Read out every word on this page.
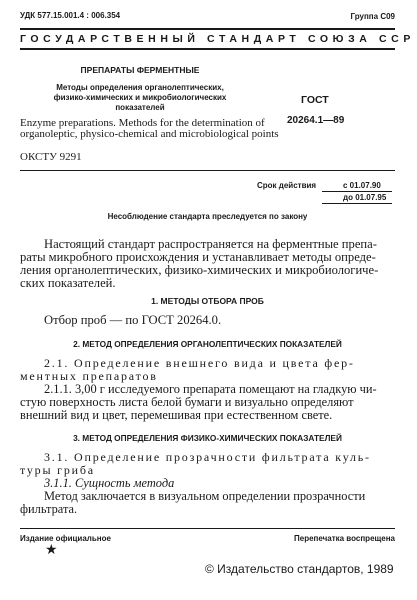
УДК 577.15.001.4 : 006.354	Группа С09
ГОСУДАРСТВЕННЫЙ СТАНДАРТ СОЮЗА ССР
ПРЕПАРАТЫ ФЕРМЕНТНЫЕ
Методы определения органолептических,
физико-химических и микробиологических
показателей
ГОСТ
20264.1—89
Enzyme preparations. Methods for the determination of
organoleptic, physico-chemical and microbiological points
ОКСТУ 9291
Срок действия	с 01.07.90
до 01.07.95
Несоблюдение стандарта преследуется по закону
Настоящий стандарт распространяется на ферментные препа-
раты микробного происхождения и устанавливает методы опреде-
ления органолептических, физико-химических и микробиологиче-
ских показателей.
1. МЕТОДЫ ОТБОРА ПРОБ
Отбор проб — по ГОСТ 20264.0.
2. МЕТОД ОПРЕДЕЛЕНИЯ ОРГАНОЛЕПТИЧЕСКИХ ПОКАЗАТЕЛЕЙ
2.1. Определение внешнего вида и цвета фер-
ментных препаратов
2.1.1. 3,00 г исследуемого препарата помещают на гладкую чи-
стую поверхность листа белой бумаги и визуально определяют
внешний вид и цвет, перемешивая при естественном свете.
3. МЕТОД ОПРЕДЕЛЕНИЯ ФИЗИКО-ХИМИЧЕСКИХ ПОКАЗАТЕЛЕЙ
3.1. Определение прозрачности фильтрата куль-
туры гриба
3.1.1. Сущность метода
Метод заключается в визуальном определении прозрачности
фильтрата.
Издание официальное	Перепечатка воспрещена
★
© Издательство стандартов, 1989
